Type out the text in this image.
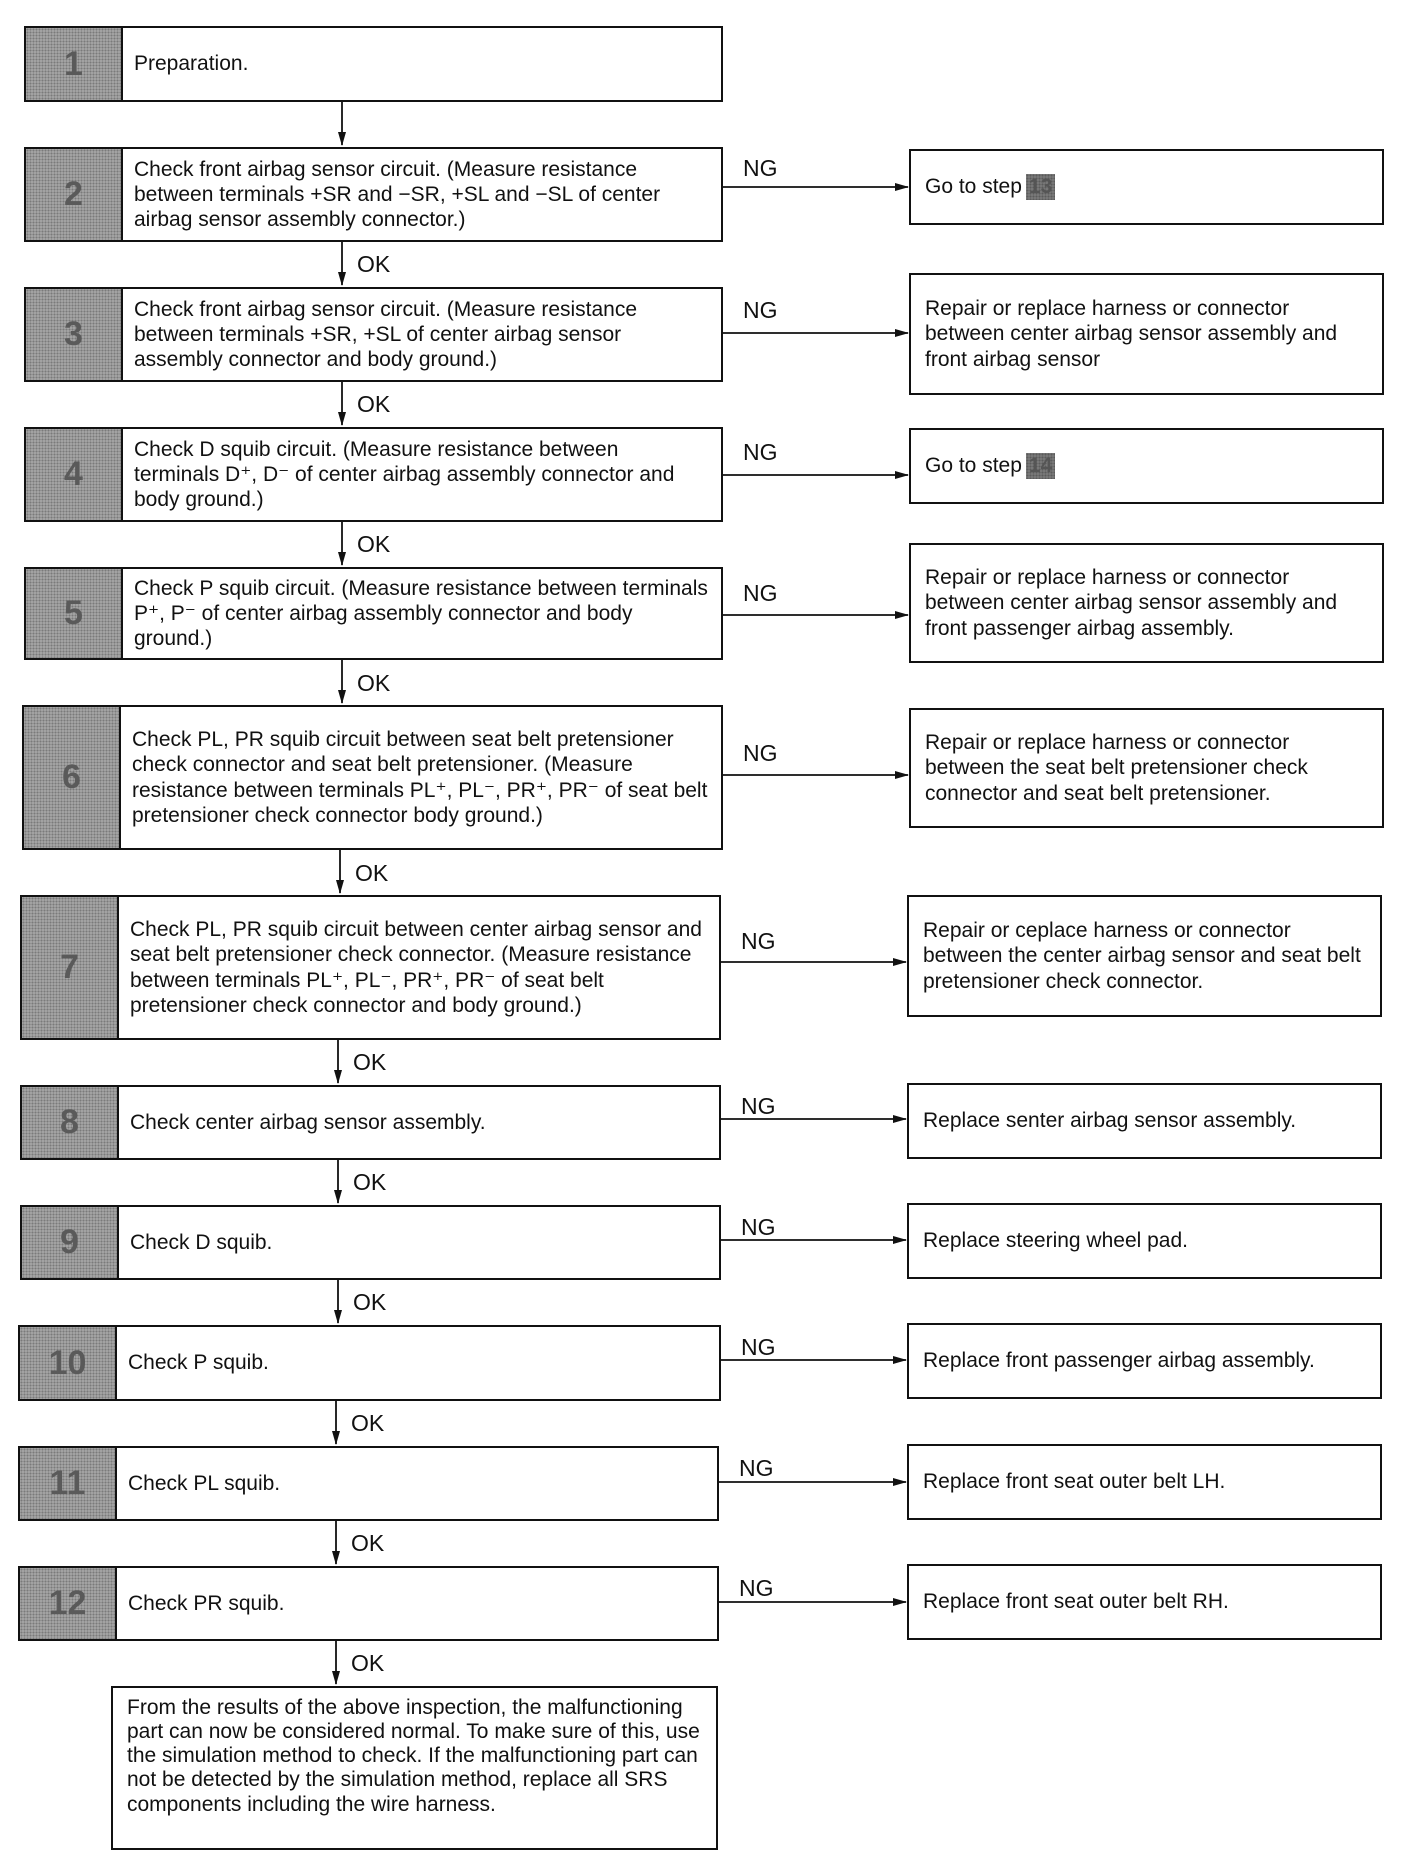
1	Preparation.
2
Check front airbag sensor circuit. (Measure resistance between terminals +SR and −SR, +SL and −SL of center airbag sensor assembly connector.)
NG
Go to step 13
OK
3
Check front airbag sensor circuit. (Measure resistance between terminals +SR, +SL of center airbag sensor assembly connector and body ground.)
NG	Repair or replace harness or connector between center airbag sensor assembly and front airbag sensor
OK
4
Check D squib circuit. (Measure resistance between terminals D⁺, D⁻ of center airbag assembly connector and body ground.)
NG
Go to step 14
OK
5
Check P squib circuit. (Measure resistance between terminals P⁺, P⁻ of center airbag assembly connector and body ground.)
NG
Repair or replace harness or connector between center airbag sensor assembly and front passenger airbag assembly.
OK
6
Check PL, PR squib circuit between seat belt pretensioner check connector and seat belt pretensioner. (Measure resistance between terminals PL⁺, PL⁻, PR⁺, PR⁻ of seat belt pretensioner check connector body ground.)
NG	Repair or replace harness or connector between the seat belt pretensioner check connector and seat belt pretensioner.
OK
7
Check PL, PR squib circuit between center airbag sensor and seat belt pretensioner check connector. (Measure resistance between terminals PL⁺, PL⁻, PR⁺, PR⁻ of seat belt pretensioner check connector and body ground.)
NG	Repair or ceplace harness or connector between the center airbag sensor and seat belt pretensioner check connector.
OK
8	Check center airbag sensor assembly.
NG
Replace senter airbag sensor assembly.
OK
9	Check D squib.
NG
Replace steering wheel pad.
OK
10	Check P squib.
NG
Replace front passenger airbag assembly.
OK
11	Check PL squib.
NG
Replace front seat outer belt LH.
OK
12	Check PR squib.
NG
Replace front seat outer belt RH.
OK
From the results of the above inspection, the malfunctioning part can now be considered normal. To make sure of this, use the simulation method to check. If the malfunctioning part can not be detected by the simulation method, replace all SRS components including the wire harness.
